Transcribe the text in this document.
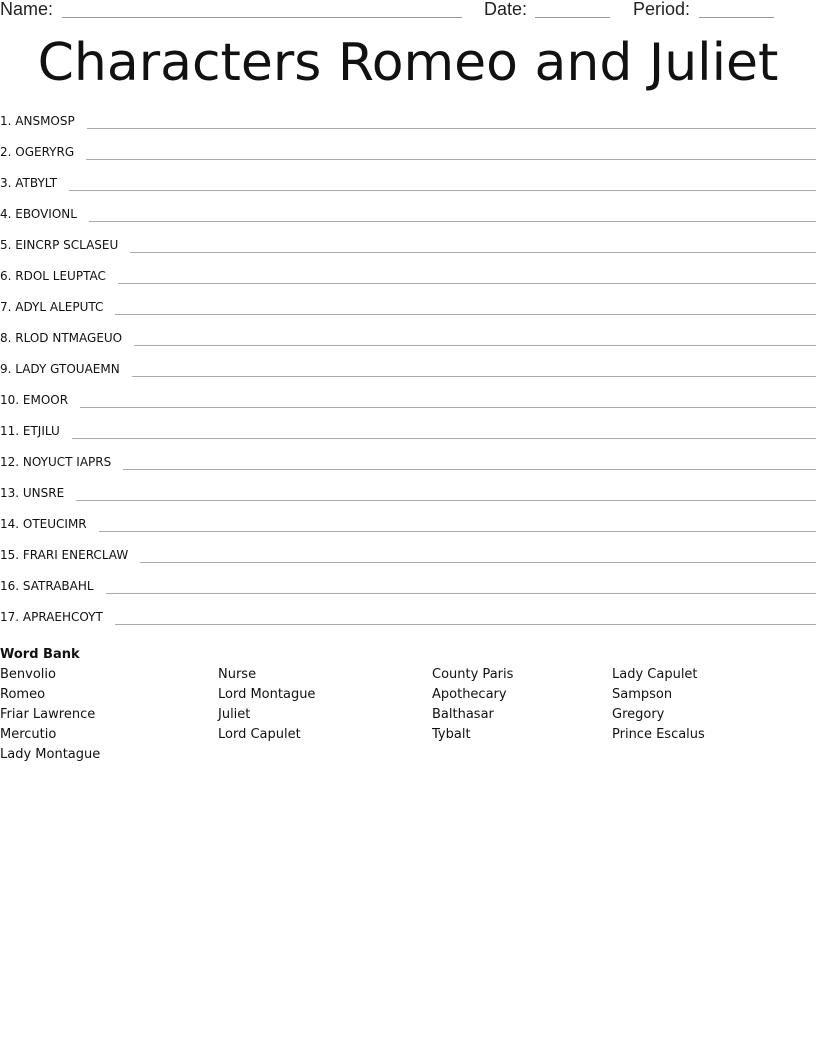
Name:	Date:	Period:
Characters Romeo and Juliet
1. ANSMOSP
2. OGERYRG
3. ATBYLT
4. EBOVIONL
5. EINCRP SCLASEU
6. RDOL LEUPTAC
7. ADYL ALEPUTC
8. RLOD NTMAGEUO
9. LADY GTOUAEMN
10. EMOOR
11. ETJILU
12. NOYUCT IAPRS
13. UNSRE
14. OTEUCIMR
15. FRARI ENERCLAW
16. SATRABAHL
17. APRAEHCOYT
Word Bank
Benvolio
Romeo
Friar Lawrence
Mercutio
Lady Montague
Nurse
Lord Montague
Juliet
Lord Capulet
County Paris
Apothecary
Balthasar
Tybalt
Lady Capulet
Sampson
Gregory
Prince Escalus
